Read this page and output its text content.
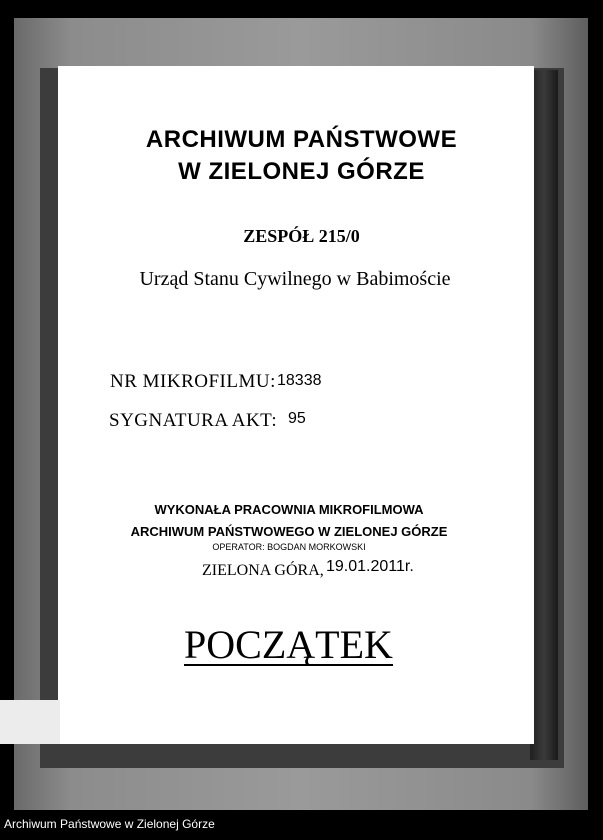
ARCHIWUM PAŃSTWOWE
W ZIELONEJ GÓRZE
ZESPÓŁ 215/0
Urząd Stanu Cywilnego w Babimoście
NR MIKROFILMU: 18338
SYGNATURA AKT: 95
WYKONAŁA PRACOWNIA MIKROFILMOWA
ARCHIWUM PAŃSTWOWEGO W ZIELONEJ GÓRZE
OPERATOR: BOGDAN MORKOWSKI
ZIELONA GÓRA, 19.01.2011r.
POCZĄTEK
Archiwum Państwowe w Zielonej Górze
